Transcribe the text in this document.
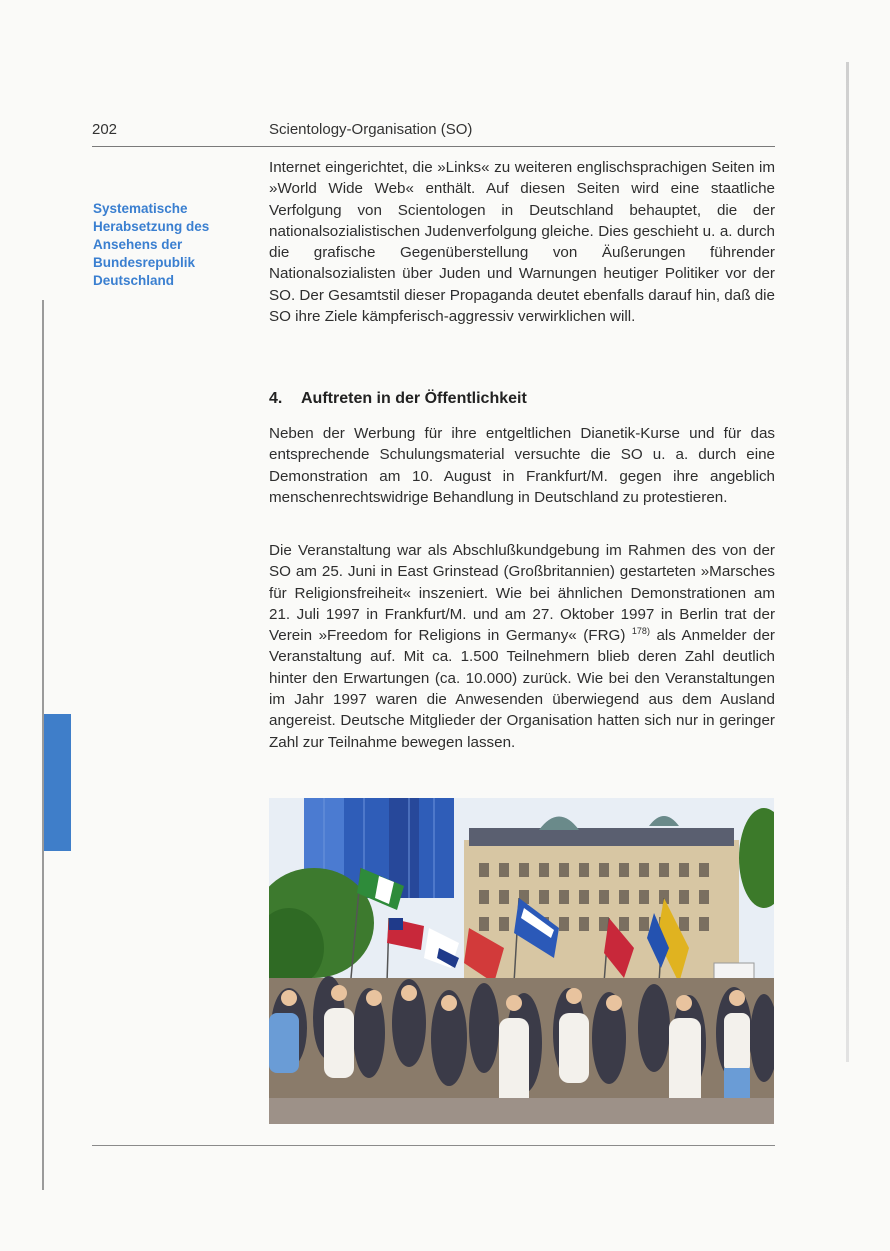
202	Scientology-Organisation (SO)
Systematische
Herabsetzung des
Ansehens der
Bundesrepublik
Deutschland

Internet eingerichtet, die »Links« zu weiteren englischsprachigen Seiten im »World Wide Web« enthält. Auf diesen Seiten wird eine staatliche Verfolgung von Scientologen in Deutschland behauptet, die der nationalsozialistischen Judenverfolgung gleiche. Dies geschieht u. a. durch die grafische Gegenüberstellung von Äußerungen führender Nationalsozialisten über Juden und Warnungen heutiger Politiker vor der SO. Der Gesamtstil dieser Propaganda deutet ebenfalls darauf hin, daß die SO ihre Ziele kämpferisch-aggressiv verwirklichen will.

4. Auftreten in der Öffentlichkeit

Neben der Werbung für ihre entgeltlichen Dianetik-Kurse und für das entsprechende Schulungsmaterial versuchte die SO u. a. durch eine Demonstration am 10. August in Frankfurt/M. gegen ihre angeblich menschenrechtswidrige Behandlung in Deutschland zu protestieren.

Die Veranstaltung war als Abschlußkundgebung im Rahmen des von der SO am 25. Juni in East Grinstead (Großbritannien) gestarteten »Marsches für Religionsfreiheit« inszeniert. Wie bei ähnlichen Demonstrationen am 21. Juli 1997 in Frankfurt/M. und am 27. Oktober 1997 in Berlin trat der Verein »Freedom for Religions in Germany« (FRG) $^{178)}$ als Anmelder der Veranstaltung auf. Mit ca. 1.500 Teilnehmern blieb deren Zahl deutlich hinter den Erwartungen (ca. 10.000) zurück. Wie bei den Veranstaltungen im Jahr 1997 waren die Anwesenden überwiegend aus dem Ausland angereist. Deutsche Mitglieder der Organisation hatten sich nur in geringer Zahl zur Teilnahme bewegen lassen.
